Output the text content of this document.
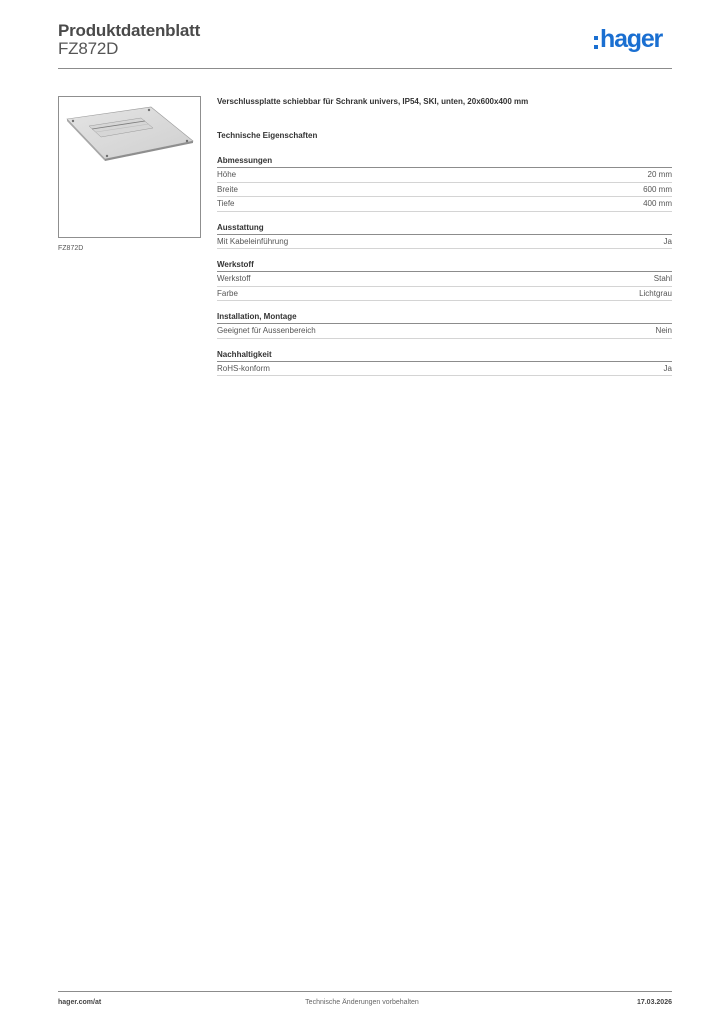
Produktdatenblatt
FZ872D	hager
FZ872D
Verschlussplatte schiebbar für Schrank univers, IP54, SKI, unten, 20x600x400 mm
Technische Eigenschaften
Abmessungen
Höhe	20 mm
Breite	600 mm
Tiefe	400 mm
Ausstattung
Mit Kabeleinführung	Ja
Werkstoff
Werkstoff	Stahl
Farbe	Lichtgrau
Installation, Montage
Geeignet für Aussenbereich	Nein
Nachhaltigkeit
RoHS-konform	Ja
hager.com/at	Technische Änderungen vorbehalten	17.03.2026
